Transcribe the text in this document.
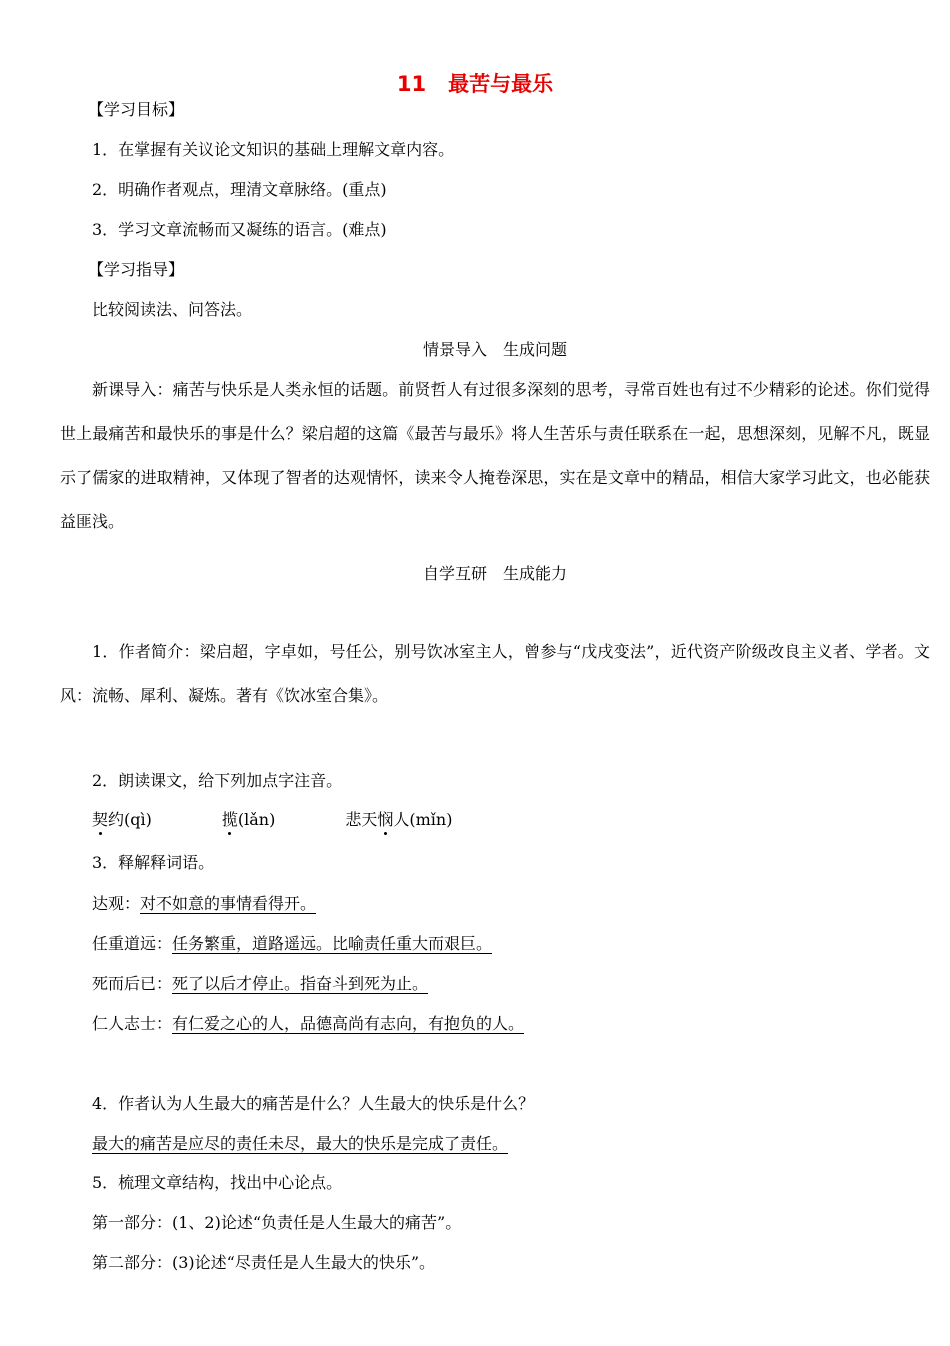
11 最苦与最乐
【学习目标】
1．在掌握有关议论文知识的基础上理解文章内容。
2．明确作者观点，理清文章脉络。(重点)
3．学习文章流畅而又凝练的语言。(难点)
【学习指导】
比较阅读法、问答法。
情景导入　生成问题
新课导入：痛苦与快乐是人类永恒的话题。前贤哲人有过很多深刻的思考，寻常百姓也有过不少精彩的论述。你们觉得世上最痛苦和最快乐的事是什么？梁启超的这篇《最苦与最乐》将人生苦乐与责任联系在一起，思想深刻，见解不凡，既显示了儒家的进取精神，又体现了智者的达观情怀，读来令人掩卷深思，实在是文章中的精品，相信大家学习此文，也必能获益匪浅。
自学互研　生成能力
1．作者简介：梁启超，字卓如，号任公，别号饮冰室主人，曾参与“戊戌变法”，近代资产阶级改良主义者、学者。文风：流畅、犀利、凝炼。著有《饮冰室合集》。
2．朗读课文，给下列加点字注音。
契约(qì)	揽(lǎn)	悲天悯人(mǐn)
3．释解释词语。
达观：对不如意的事情看得开。
任重道远：任务繁重，道路遥远。比喻责任重大而艰巨。
死而后已：死了以后才停止。指奋斗到死为止。
仁人志士：有仁爱之心的人，品德高尚有志向，有抱负的人。
4．作者认为人生最大的痛苦是什么？人生最大的快乐是什么？
最大的痛苦是应尽的责任未尽，最大的快乐是完成了责任。
5．梳理文章结构，找出中心论点。
第一部分：(1、2)论述“负责任是人生最大的痛苦”。
第二部分：(3)论述“尽责任是人生最大的快乐”。
